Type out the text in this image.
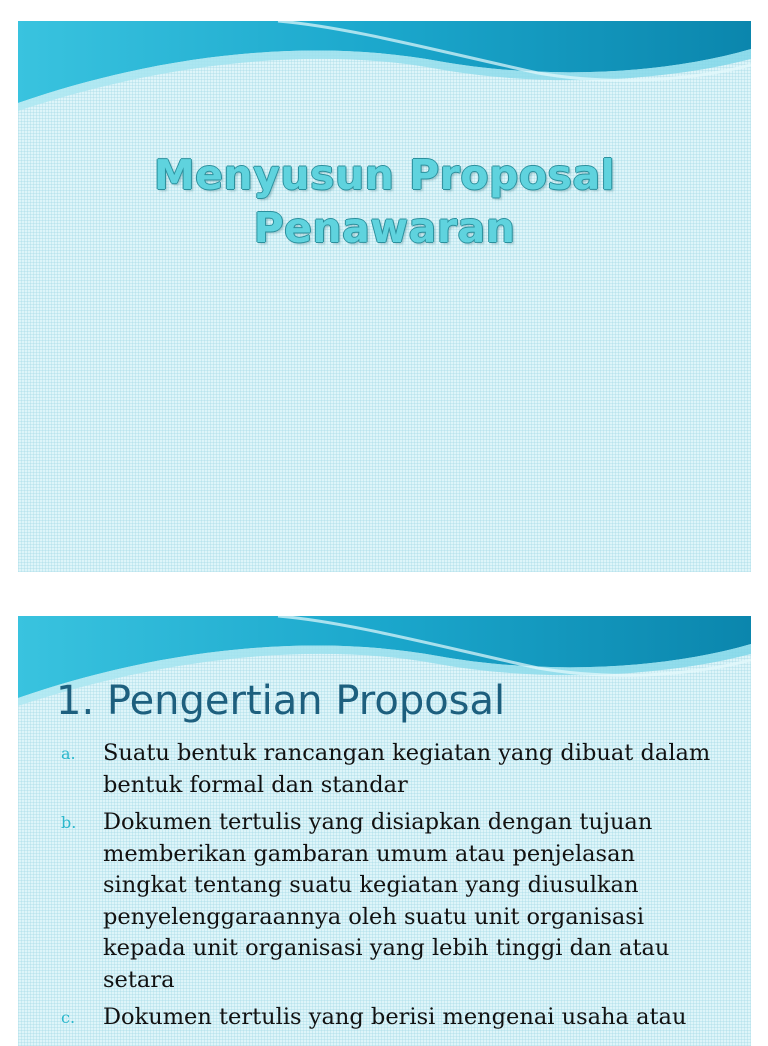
Menyusun Proposal
Penawaran
1. Pengertian Proposal
a. Suatu bentuk rancangan kegiatan yang dibuat dalam bentuk formal dan standar
b. Dokumen tertulis yang disiapkan dengan tujuan memberikan gambaran umum atau penjelasan singkat tentang suatu kegiatan yang diusulkan penyelenggaraannya oleh suatu unit organisasi kepada unit organisasi yang lebih tinggi dan atau setara
c. Dokumen tertulis yang berisi mengenai usaha atau
